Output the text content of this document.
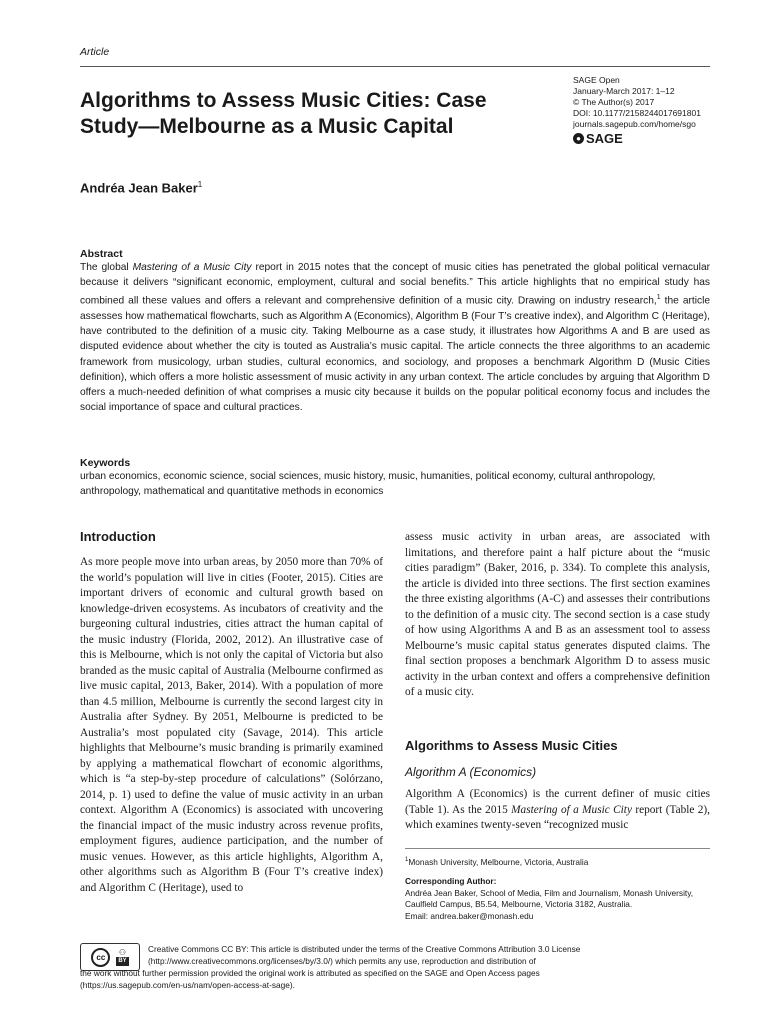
Article
Algorithms to Assess Music Cities: Case Study—Melbourne as a Music Capital
SAGE Open
January-March 2017: 1–12
© The Author(s) 2017
DOI: 10.1177/2158244017691801
journals.sagepub.com/home/sgo
● SAGE
Andréa Jean Baker$^1$
Abstract
The global Mastering of a Music City report in 2015 notes that the concept of music cities has penetrated the global political vernacular because it delivers “significant economic, employment, cultural and social benefits.” This article highlights that no empirical study has combined all these values and offers a relevant and comprehensive definition of a music city. Drawing on industry research,$^1$ the article assesses how mathematical flowcharts, such as Algorithm A (Economics), Algorithm B (Four T’s creative index), and Algorithm C (Heritage), have contributed to the definition of a music city. Taking Melbourne as a case study, it illustrates how Algorithms A and B are used as disputed evidence about whether the city is touted as Australia’s music capital. The article connects the three algorithms to an academic framework from musicology, urban studies, cultural economics, and sociology, and proposes a benchmark Algorithm D (Music Cities definition), which offers a more holistic assessment of music activity in any urban context. The article concludes by arguing that Algorithm D offers a much-needed definition of what comprises a music city because it builds on the popular political economy focus and includes the social importance of space and cultural practices.
Keywords
urban economics, economic science, social sciences, music history, music, humanities, political economy, cultural anthropology, anthropology, mathematical and quantitative methods in economics
Introduction
As more people move into urban areas, by 2050 more than 70% of the world’s population will live in cities (Footer, 2015). Cities are important drivers of economic and cultural growth based on knowledge-driven ecosystems. As incubators of creativity and the burgeoning cultural industries, cities attract the human capital of the music industry (Florida, 2002, 2012). An illustrative case of this is Melbourne, which is not only the capital of Victoria but also branded as the music capital of Australia (Melbourne confirmed as live music capital, 2013, Baker, 2014). With a population of more than 4.5 million, Melbourne is currently the second largest city in Australia after Sydney. By 2051, Melbourne is predicted to be Australia’s most populated city (Savage, 2014). This article highlights that Melbourne’s music branding is primarily examined by applying a mathematical flowchart of economic algorithms, which is “a step-by-step procedure of calculations” (Solórzano, 2014, p. 1) used to define the value of music activity in an urban context. Algorithm A (Economics) is associated with uncovering the financial impact of the music industry across revenue profits, employment figures, audience participation, and the number of music venues. However, as this article highlights, Algorithm A, other algorithms such as Algorithm B (Four T’s creative index) and Algorithm C (Heritage), used to
assess music activity in urban areas, are associated with limitations, and therefore paint a half picture about the “music cities paradigm” (Baker, 2016, p. 334). To complete this analysis, the article is divided into three sections. The first section examines the three existing algorithms (A-C) and assesses their contributions to the definition of a music city. The second section is a case study of how using Algorithms A and B as an assessment tool to assess Melbourne’s music capital status generates disputed claims. The final section proposes a benchmark Algorithm D to assess music activity in the urban context and offers a comprehensive definition of a music city.
Algorithms to Assess Music Cities
Algorithm A (Economics)
Algorithm A (Economics) is the current definer of music cities (Table 1). As the 2015 Mastering of a Music City report (Table 2), which examines twenty-seven “recognized music
$^1$Monash University, Melbourne, Victoria, Australia
Corresponding Author:
Andréa Jean Baker, School of Media, Film and Journalism, Monash University, Caulfield Campus, B5.54, Melbourne, Victoria 3182, Australia.
Email: andrea.baker@monash.edu
cc	⚇
BY
Creative Commons CC BY: This article is distributed under the terms of the Creative Commons Attribution 3.0 License
(http://www.creativecommons.org/licenses/by/3.0/) which permits any use, reproduction and distribution of
the work without further permission provided the original work is attributed as specified on the SAGE and Open Access pages
(https://us.sagepub.com/en-us/nam/open-access-at-sage).
